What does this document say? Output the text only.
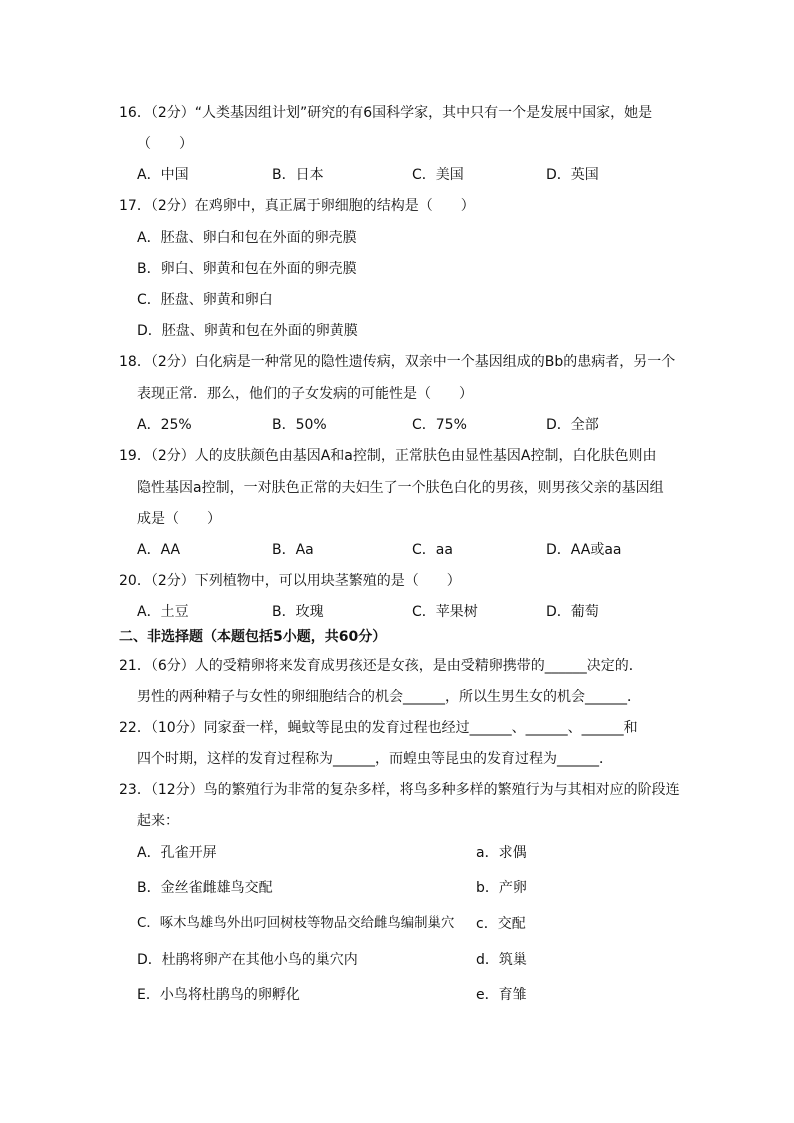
16．（2分）“人类基因组计划”研究的有6国科学家，其中只有一个是发展中国家，她是
（　　）
A．中国	B．日本	C．美国	D．英国
17．（2分）在鸡卵中，真正属于卵细胞的结构是（　　）
A．胚盘、卵白和包在外面的卵壳膜
B．卵白、卵黄和包在外面的卵壳膜
C．胚盘、卵黄和卵白
D．胚盘、卵黄和包在外面的卵黄膜
18．（2分）白化病是一种常见的隐性遗传病，双亲中一个基因组成的Bb的患病者，另一个
表现正常．那么，他们的子女发病的可能性是（　　）
A．25%	B．50%	C．75%	D．全部
19．（2分）人的皮肤颜色由基因A和a控制，正常肤色由显性基因A控制，白化肤色则由
隐性基因a控制，一对肤色正常的夫妇生了一个肤色白化的男孩，则男孩父亲的基因组
成是（　　）
A．AA	B．Aa	C．aa	D．AA或aa
20．（2分）下列植物中，可以用块茎繁殖的是（　　）
A．土豆	B．玫瑰	C．苹果树	D．葡萄
二、非选择题（本题包括5小题，共60分）
21．（6分）人的受精卵将来发育成男孩还是女孩，是由受精卵携带的______决定的．
男性的两种精子与女性的卵细胞结合的机会______，所以生男生女的机会______．
22．（10分）同家蚕一样，蝇蚊等昆虫的发育过程也经过______、______、______和
四个时期，这样的发育过程称为______，而蝗虫等昆虫的发育过程为______．
23．（12分）鸟的繁殖行为非常的复杂多样，将鸟多种多样的繁殖行为与其相对应的阶段连
起来：
A．孔雀开屏	a．求偶
B．金丝雀雌雄鸟交配	b．产卵
C．啄木鸟雄鸟外出叼回树枝等物品交给雌鸟编制巢穴 c．交配
D．杜鹃将卵产在其他小鸟的巢穴内	d．筑巢
E．小鸟将杜鹃鸟的卵孵化	e．育雏
